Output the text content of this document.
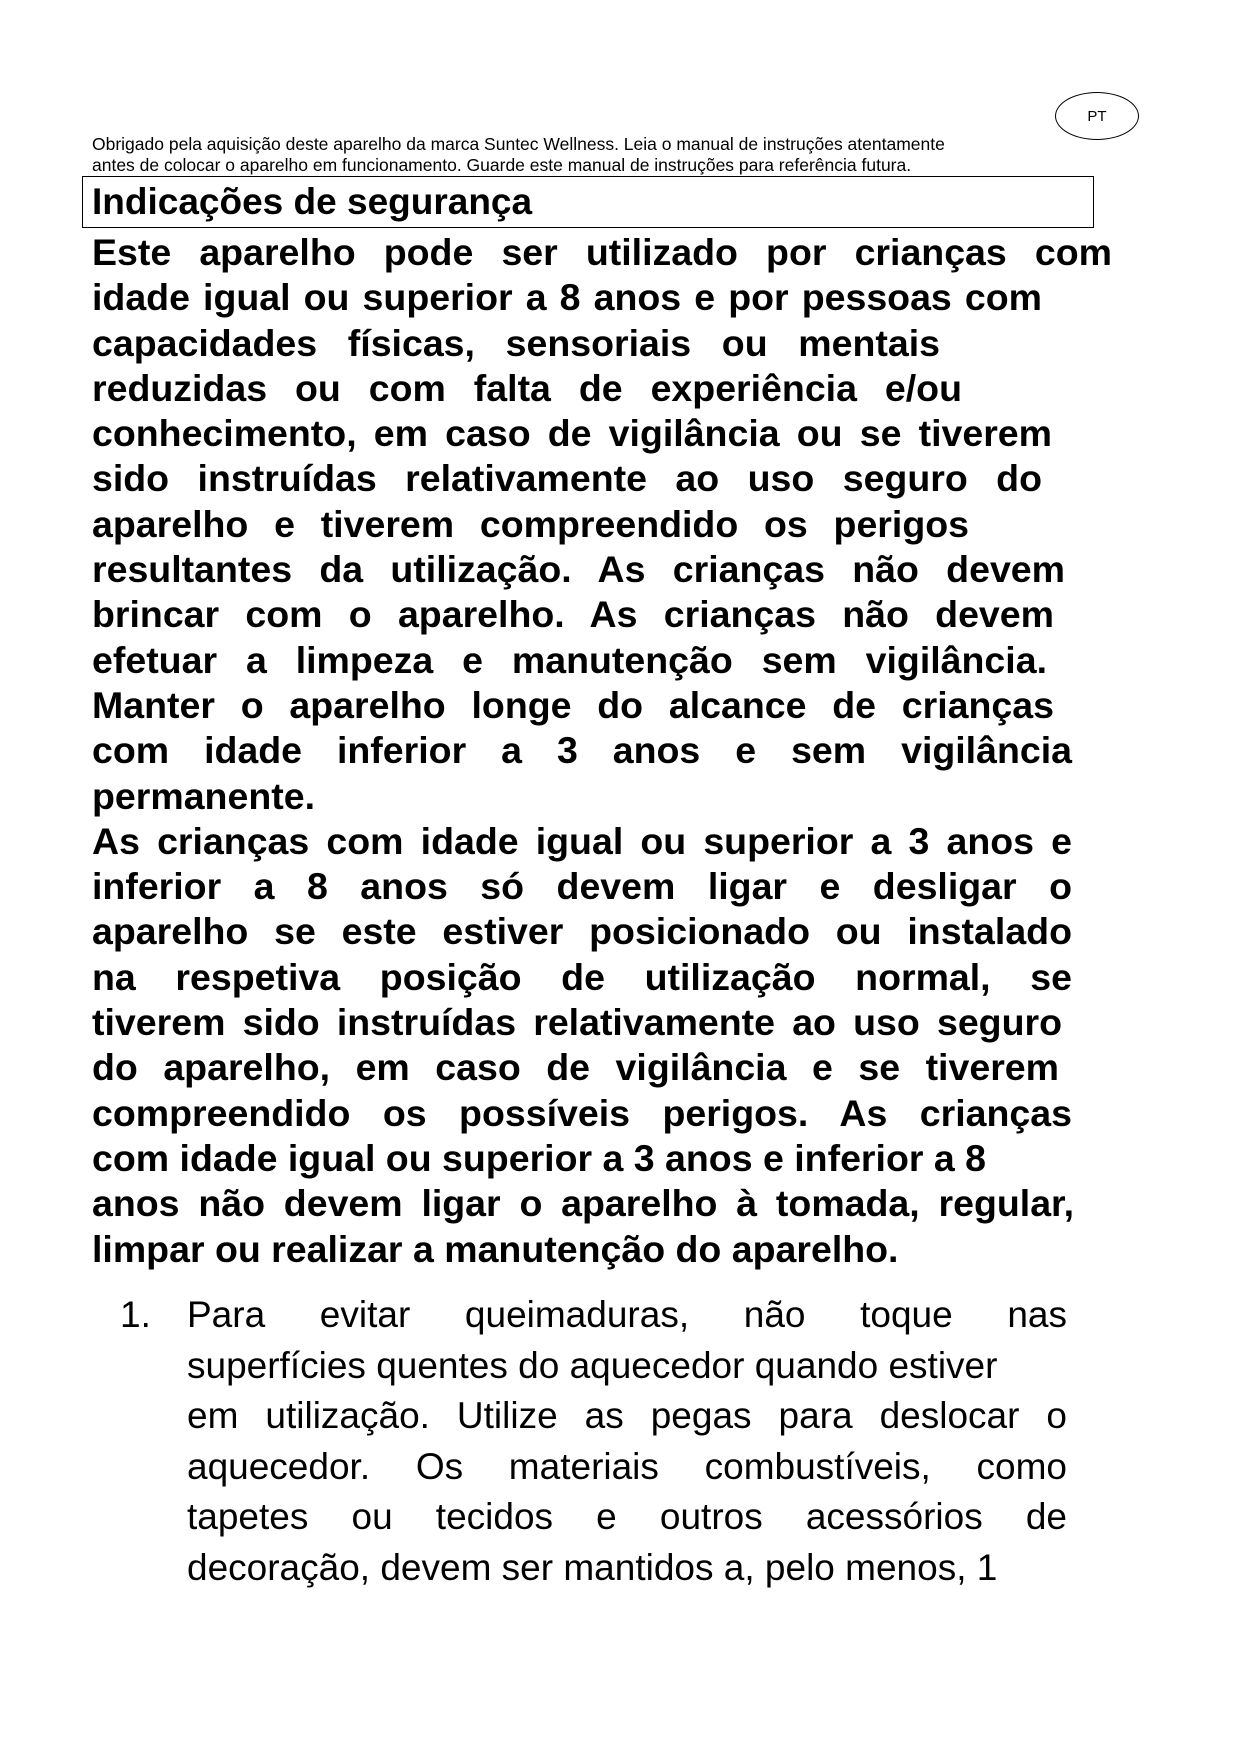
PT

Obrigado pela aquisição deste aparelho da marca Suntec Wellness. Leia o manual de instruções atentamente
antes de colocar o aparelho em funcionamento. Guarde este manual de instruções para referência futura.

Indicações de segurança
Este aparelho pode ser utilizado por crianças com
idade igual ou superior a 8 anos e por pessoas com
capacidades físicas, sensoriais ou mentais
reduzidas ou com falta de experiência e/ou
conhecimento, em caso de vigilância ou se tiverem
sido instruídas relativamente ao uso seguro do
aparelho e tiverem compreendido os perigos
resultantes da utilização. As crianças não devem
brincar com o aparelho. As crianças não devem
efetuar a limpeza e manutenção sem vigilância.
Manter o aparelho longe do alcance de crianças
com idade inferior a 3 anos e sem vigilância
permanente.
As crianças com idade igual ou superior a 3 anos e
inferior a 8 anos só devem ligar e desligar o
aparelho se este estiver posicionado ou instalado
na respetiva posição de utilização normal, se
tiverem sido instruídas relativamente ao uso seguro
do aparelho, em caso de vigilância e se tiverem
compreendido os possíveis perigos. As crianças
com idade igual ou superior a 3 anos e inferior a 8
anos não devem ligar o aparelho à tomada, regular,
limpar ou realizar a manutenção do aparelho.
1. Para evitar queimaduras, não toque nas
superfícies quentes do aquecedor quando estiver
em utilização. Utilize as pegas para deslocar o
aquecedor. Os materiais combustíveis, como
tapetes ou tecidos e outros acessórios de
decoração, devem ser mantidos a, pelo menos, 1
